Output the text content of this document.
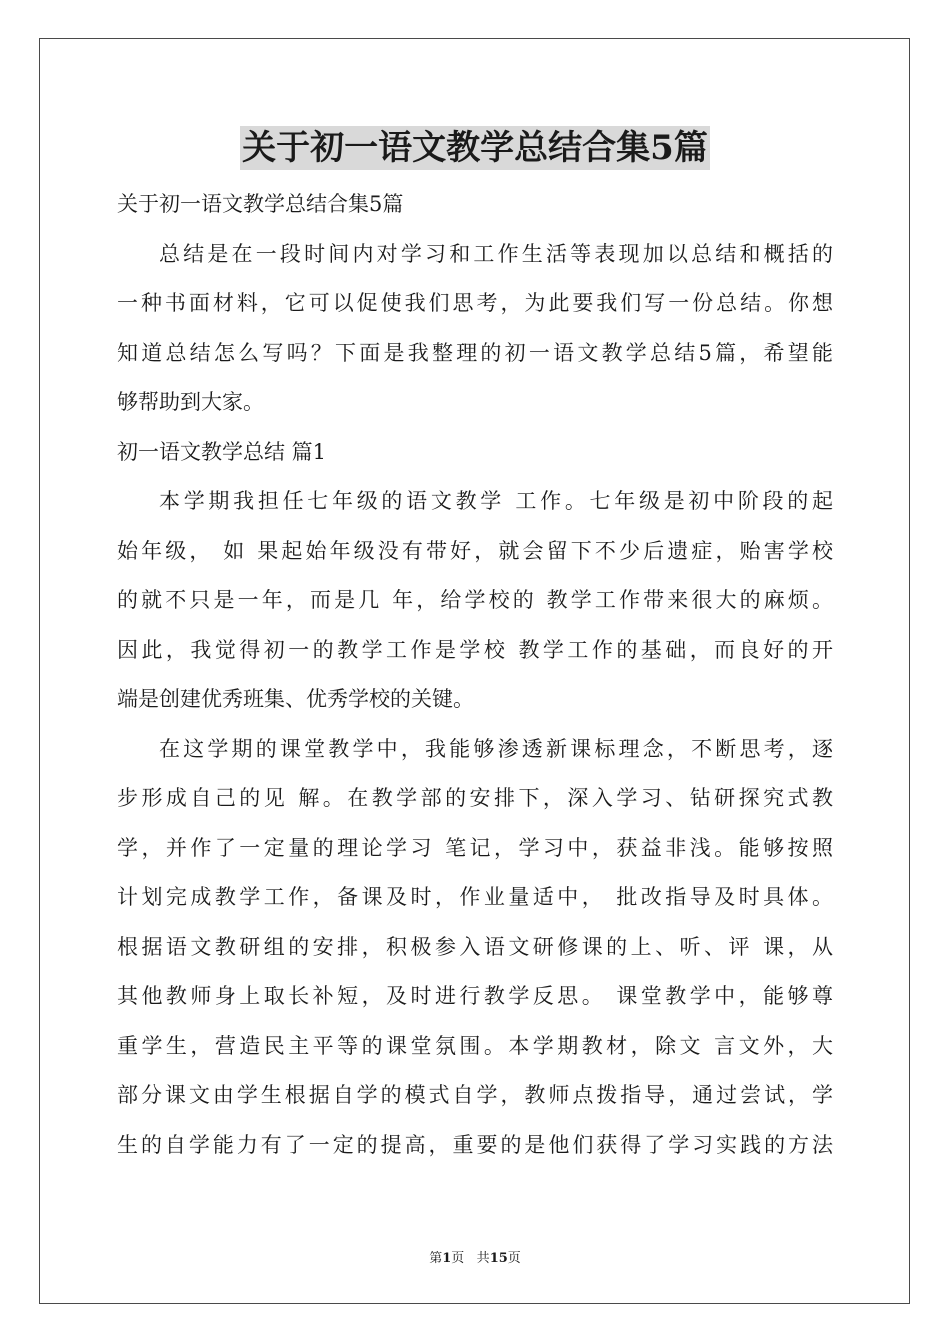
关于初一语文教学总结合集5篇
关于初一语文教学总结合集5篇
总结是在一段时间内对学习和工作生活等表现加以总结和概括的
一种书面材料，它可以促使我们思考，为此要我们写一份总结。你想
知道总结怎么写吗？下面是我整理的初一语文教学总结5篇，希望能
够帮助到大家。
初一语文教学总结 篇1
本学期我担任七年级的语文教学 工作。七年级是初中阶段的起
始年级， 如 果起始年级没有带好，就会留下不少后遗症，贻害学校
的就不只是一年，而是几 年，给学校的 教学工作带来很大的麻烦。
因此，我觉得初一的教学工作是学校 教学工作的基础，而良好的开
端是创建优秀班集、优秀学校的关键。
在这学期的课堂教学中，我能够渗透新课标理念，不断思考，逐
步形成自己的见 解。在教学部的安排下，深入学习、钻研探究式教
学，并作了一定量的理论学习 笔记，学习中，获益非浅。能够按照
计划完成教学工作，备课及时，作业量适中， 批改指导及时具体。
根据语文教研组的安排，积极参入语文研修课的上、听、评 课，从
其他教师身上取长补短，及时进行教学反思。 课堂教学中，能够尊
重学生，营造民主平等的课堂氛围。本学期教材，除文 言文外，大
部分课文由学生根据自学的模式自学，教师点拨指导，通过尝试，学
生的自学能力有了一定的提高，重要的是他们获得了学习实践的方法
第1页 共15页
